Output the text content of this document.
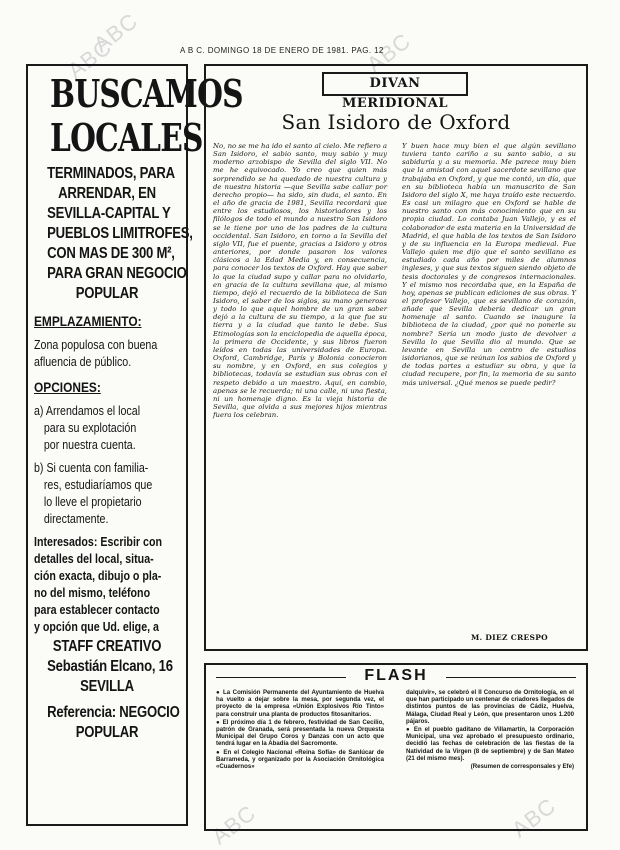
ABC
ABC	ABC
ABC
ABC
A B C. DOMINGO 18 DE ENERO DE 1981. PAG. 12
BUSCAMOS
LOCALES
TERMINADOS, PARA
ARRENDAR, EN
SEVILLA-CAPITAL Y
PUEBLOS LIMITROFES,
CON MAS DE 300 M²,
PARA GRAN NEGOCIO
POPULAR
EMPLAZAMIENTO:
Zona populosa con buena
afluencia de público.
OPCIONES:
a) Arrendamos el local
para su explotación
por nuestra cuenta.
b) Si cuenta con familia-
res, estudiaríamos que
lo lleve el propietario
directamente.
Interesados: Escribir con
detalles del local, situa-
ción exacta, dibujo o pla-
no del mismo, teléfono
para establecer contacto
y opción que Ud. elige, a
STAFF CREATIVO
Sebastián Elcano, 16
SEVILLA
Referencia: NEGOCIO
POPULAR
DIVAN MERIDIONAL
San Isidoro de Oxford

No, no se me ha ido el santo al cielo. Me refiero a San Isidoro, el sabio santo, muy sabio y muy moderno arzobispo de Sevilla del siglo VII. No me he equivocado. Yo creo que quien más sorprendido se ha quedado de nuestra cultura y de nuestra historia —que Sevilla sabe callar por derecho propio— ha sido, sin duda, el santo. En el año de gracia de 1981, Sevilla recordará que entre los estudiosos, los historiadores y los filólogos de todo el mundo a nuestro San Isidoro se le tiene por uno de los padres de la cultura occidental. San Isidoro, en torno a la Sevilla del siglo VII, fue el puente, gracias a Isidoro y otros anteriores, por donde pasaron los valores clásicos a la Edad Media y, en consecuencia, para conocer los textos de Oxford. Hay que saber lo que la ciudad supo y callar para no olvidarlo, en gracia de la cultura sevillana que, al mismo tiempo, dejó el recuerdo de la biblioteca de San Isidoro, el saber de los siglos, su mano generosa y todo lo que aquel hombre de un gran saber dejó a la cultura de su tiempo, a la que fue su tierra y a la ciudad que tanto le debe. Sus Etimologías son la enciclopedia de aquella época, la primera de Occidente, y sus libros fueron leídos en todas las universidades de Europa. Oxford, Cambridge, París y Bolonia conocieron su nombre, y en Oxford, en sus colegios y bibliotecas, todavía se estudian sus obras con el respeto debido a un maestro. Aquí, en cambio, apenas se le recuerda; ni una calle, ni una fiesta, ni un homenaje digno. Es la vieja historia de Sevilla, que olvida a sus mejores hijos mientras fuera los celebran.

Y buen hace muy bien el que algún sevillano tuviera tanto cariño a su santo sabio, a su sabiduría y a su memoria. Me parece muy bien que la amistad con aquel sacerdote sevillano que trabajaba en Oxford, y que me contó, un día, que en su biblioteca había un manuscrito de San Isidoro del siglo X, me haya traído este recuerdo. Es casi un milagro que en Oxford se hable de nuestro santo con más conocimiento que en su propia ciudad. Lo contaba Juan Vallejo, y es el colaborador de esta materia en la Universidad de Madrid, el que habla de los textos de San Isidoro y de su influencia en la Europa medieval. Fue Vallejo quien me dijo que el santo sevillano es estudiado cada año por miles de alumnos ingleses, y que sus textos siguen siendo objeto de tesis doctorales y de congresos internacionales. Y el mismo nos recordaba que, en la España de hoy, apenas se publican ediciones de sus obras. Y el profesor Vallejo, que es sevillano de corazón, añade que Sevilla debería dedicar un gran homenaje al santo. Cuando se inaugure la biblioteca de la ciudad, ¿por qué no ponerle su nombre? Sería un modo justo de devolver a Sevilla lo que Sevilla dio al mundo. Que se levante en Sevilla un centro de estudios isidorianos, que se reúnan los sabios de Oxford y de todas partes a estudiar su obra, y que la ciudad recupere, por fin, la memoria de su santo más universal. ¿Qué menos se puede pedir?

M. DIEZ CRESPO
FLASH

● La Comisión Permanente del Ayuntamiento de Huelva ha vuelto a dejar sobre la mesa, por segunda vez, el proyecto de la empresa «Unión Explosivos Río Tinto» para construir una planta de productos fitosanitarios.

● El próximo día 1 de febrero, festividad de San Cecilio, patrón de Granada, será presentada la nueva Orquesta Municipal del Grupo Coros y Danzas con un acto que tendrá lugar en la Abadía del Sacromonte.

● En el Colegio Nacional «Reina Sofía» de Sanlúcar de Barrameda, y organizado por la Asociación Ornitológica «Cuadernos»

dalquivir», se celebró el II Concurso de Ornitología, en el que han participado un centenar de criadores llegados de distintos puntos de las provincias de Cádiz, Huelva, Málaga, Ciudad Real y León, que presentaron unos 1.200 pájaros.

● En el pueblo gaditano de Villamartín, la Corporación Municipal, una vez aprobado el presupuesto ordinario, decidió las fechas de celebración de las fiestas de la Natividad de la Virgen (8 de septiembre) y de San Mateo (21 del mismo mes).

(Resumen de corresponsales y Efe)
